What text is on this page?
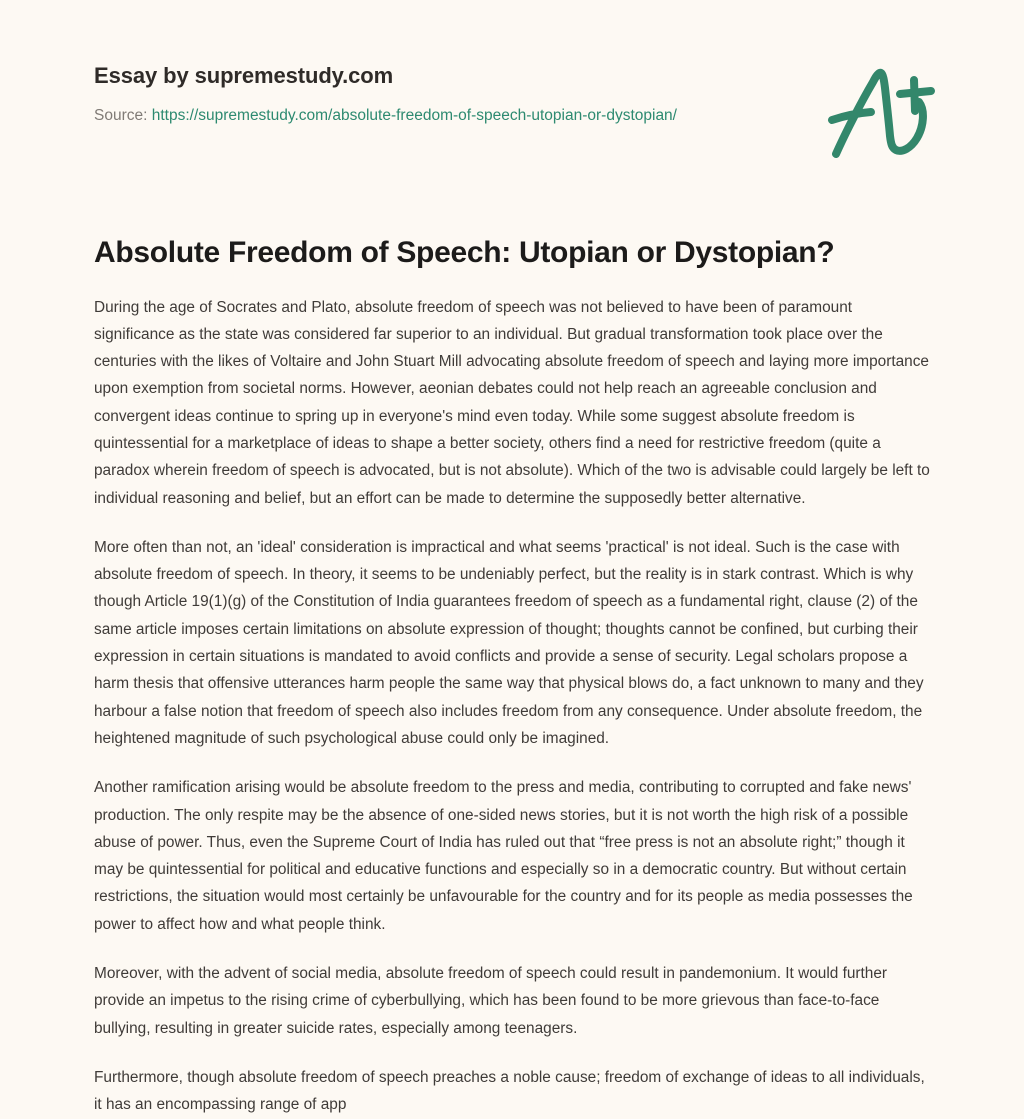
Essay by supremestudy.com
Source: https://supremestudy.com/absolute-freedom-of-speech-utopian-or-dystopian/
Absolute Freedom of Speech: Utopian or Dystopian?

During the age of Socrates and Plato, absolute freedom of speech was not believed to have been of paramount significance as the state was considered far superior to an individual. But gradual transformation took place over the centuries with the likes of Voltaire and John Stuart Mill advocating absolute freedom of speech and laying more importance upon exemption from societal norms. However, aeonian debates could not help reach an agreeable conclusion and convergent ideas continue to spring up in everyone's mind even today. While some suggest absolute freedom is quintessential for a marketplace of ideas to shape a better society, others find a need for restrictive freedom (quite a paradox wherein freedom of speech is advocated, but is not absolute). Which of the two is advisable could largely be left to individual reasoning and belief, but an effort can be made to determine the supposedly better alternative.

More often than not, an 'ideal' consideration is impractical and what seems 'practical' is not ideal. Such is the case with absolute freedom of speech. In theory, it seems to be undeniably perfect, but the reality is in stark contrast. Which is why though Article 19(1)(g) of the Constitution of India guarantees freedom of speech as a fundamental right, clause (2) of the same article imposes certain limitations on absolute expression of thought; thoughts cannot be confined, but curbing their expression in certain situations is mandated to avoid conflicts and provide a sense of security. Legal scholars propose a harm thesis that offensive utterances harm people the same way that physical blows do, a fact unknown to many and they harbour a false notion that freedom of speech also includes freedom from any consequence. Under absolute freedom, the heightened magnitude of such psychological abuse could only be imagined.

Another ramification arising would be absolute freedom to the press and media, contributing to corrupted and fake news' production. The only respite may be the absence of one-sided news stories, but it is not worth the high risk of a possible abuse of power. Thus, even the Supreme Court of India has ruled out that “free press is not an absolute right;” though it may be quintessential for political and educative functions and especially so in a democratic country. But without certain restrictions, the situation would most certainly be unfavourable for the country and for its people as media possesses the power to affect how and what people think.

Moreover, with the advent of social media, absolute freedom of speech could result in pandemonium. It would further provide an impetus to the rising crime of cyberbullying, which has been found to be more grievous than face-to-face bullying, resulting in greater suicide rates, especially among teenagers.

Furthermore, though absolute freedom of speech preaches a noble cause; freedom of exchange of ideas to all individuals, it has an encompassing range of app
